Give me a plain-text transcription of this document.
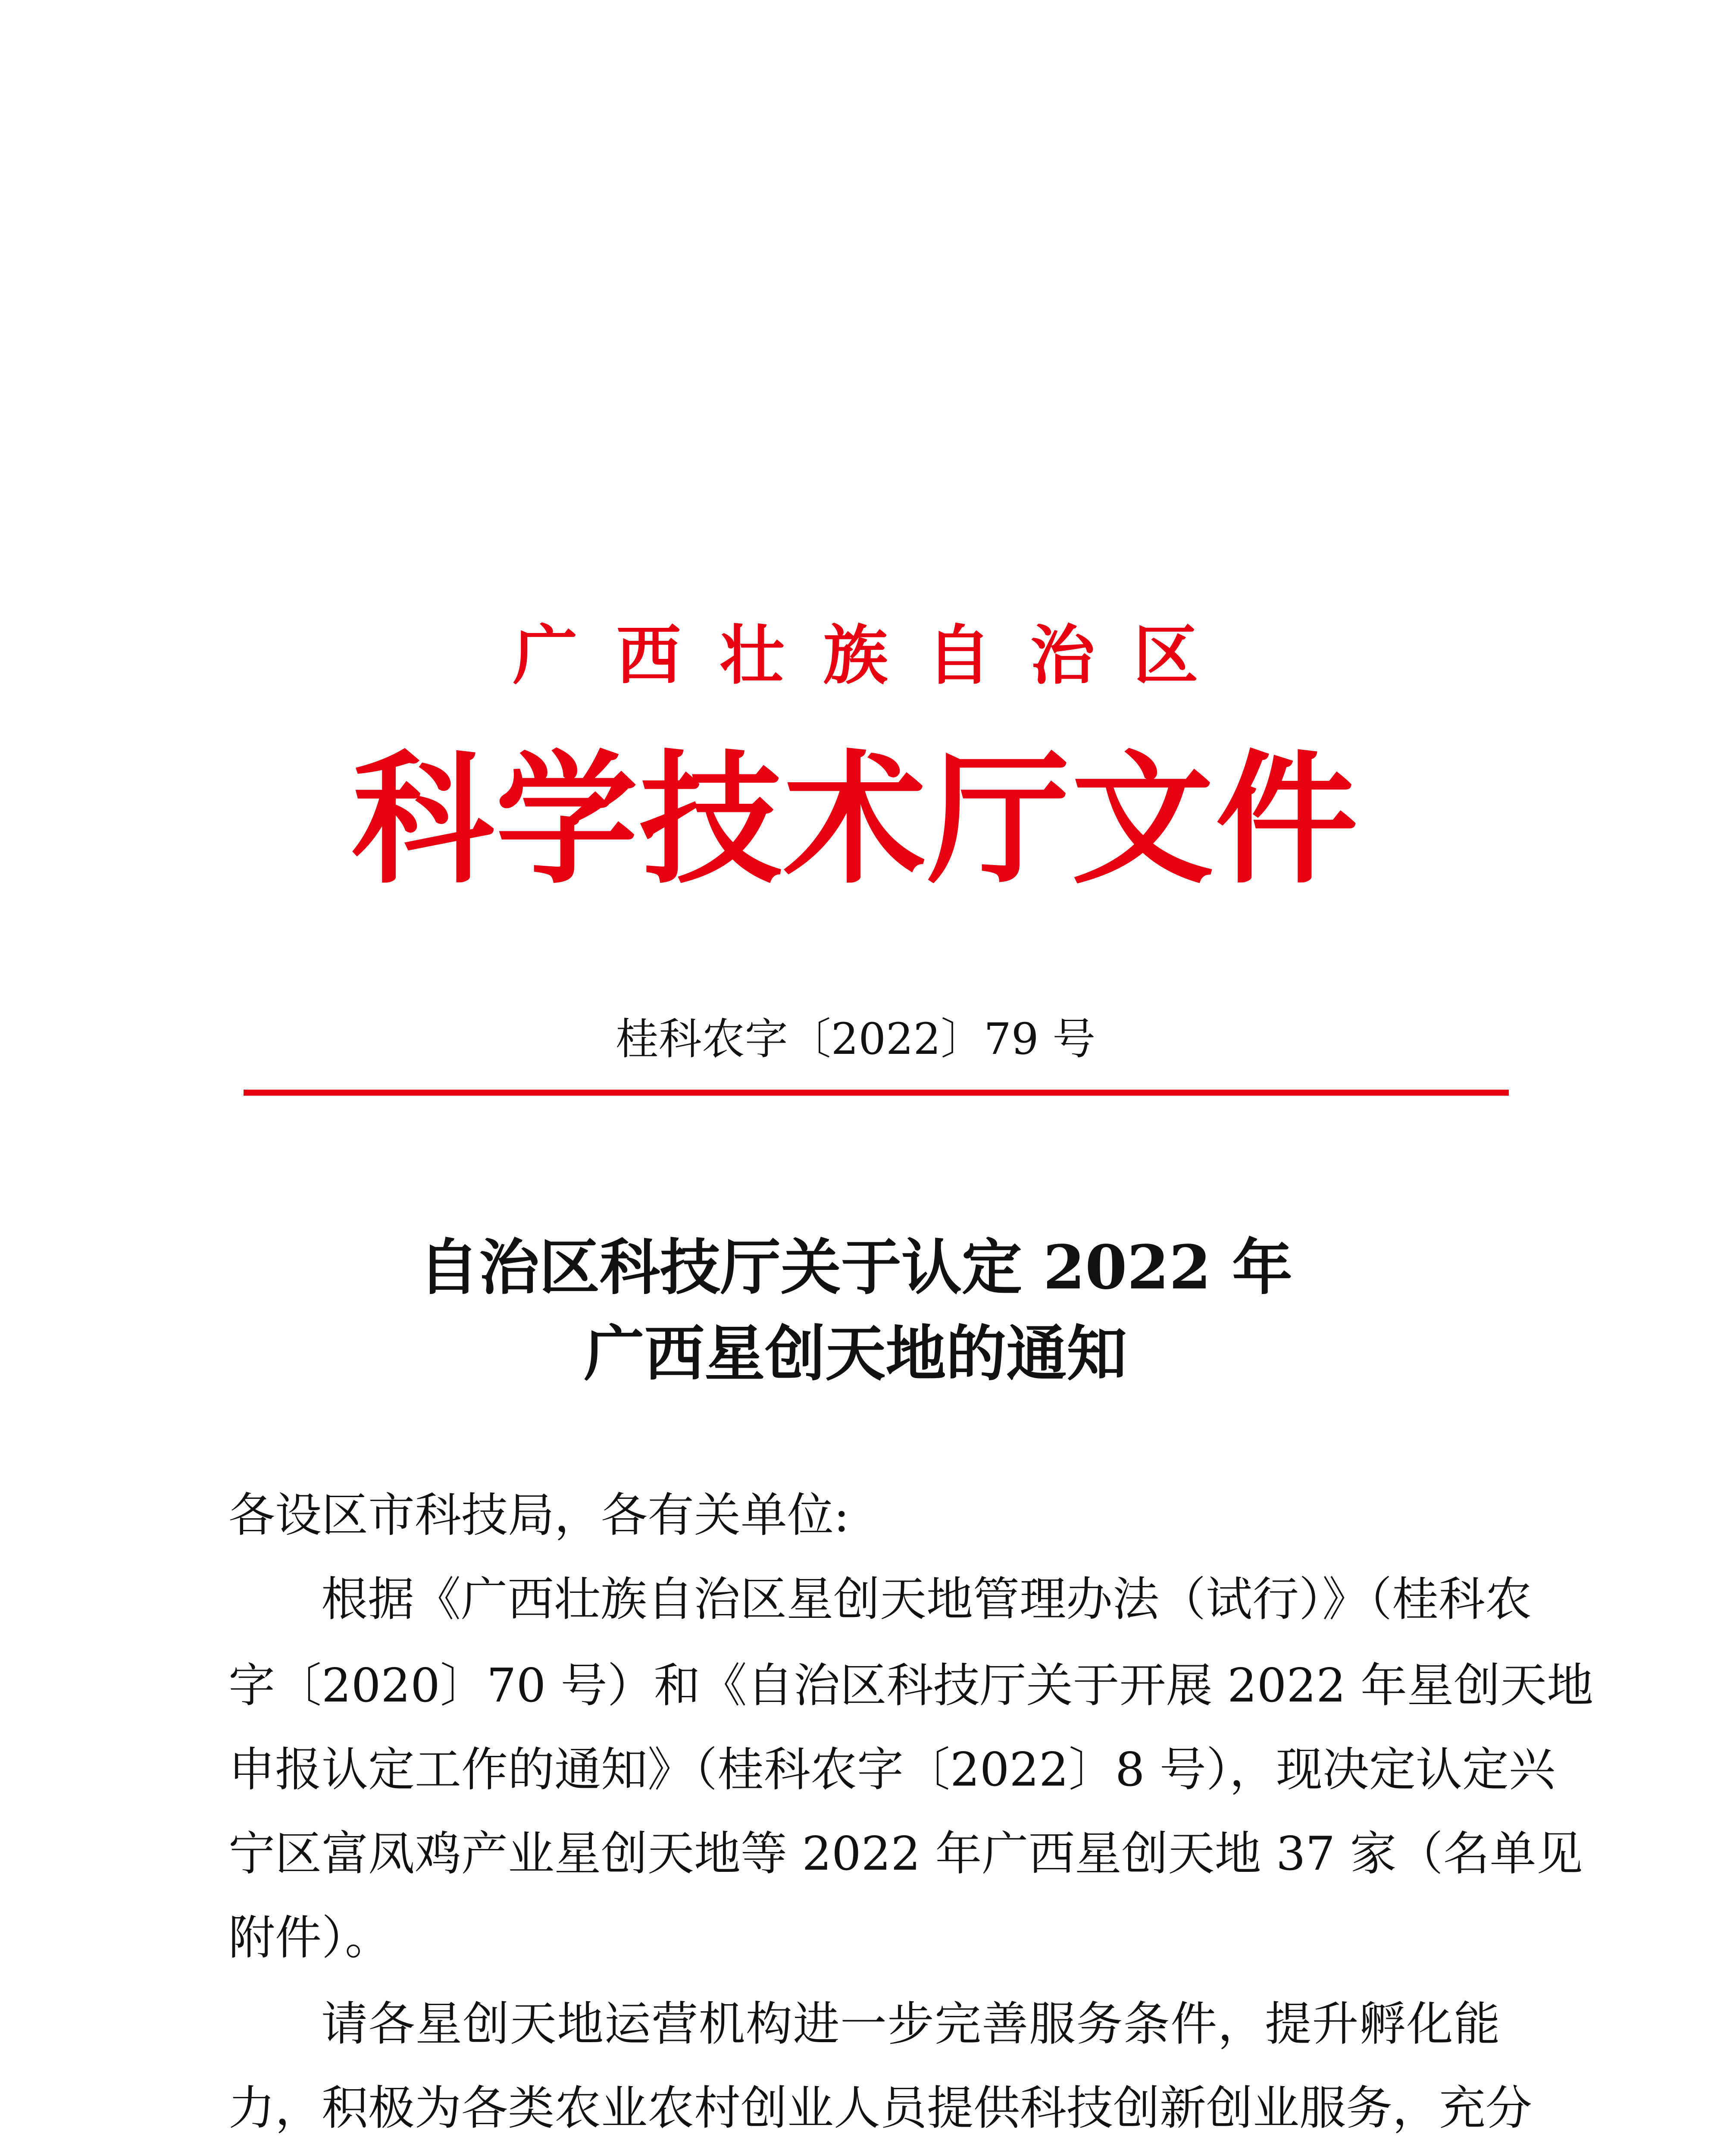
广西壮族自治区
科学技术厅文件
桂科农字〔2022〕79 号
自治区科技厅关于认定 2022 年
广西星创天地的通知
各设区市科技局，各有关单位:
根据《广西壮族自治区星创天地管理办法（试行）》（桂科农
字〔2020〕70 号）和《自治区科技厅关于开展 2022 年星创天地
申报认定工作的通知》（桂科农字〔2022〕8 号），现决定认定兴
宁区富凤鸡产业星创天地等 2022 年广西星创天地 37 家（名单见
附件）。
请各星创天地运营机构进一步完善服务条件，提升孵化能
力，积极为各类农业农村创业人员提供科技创新创业服务，充分
